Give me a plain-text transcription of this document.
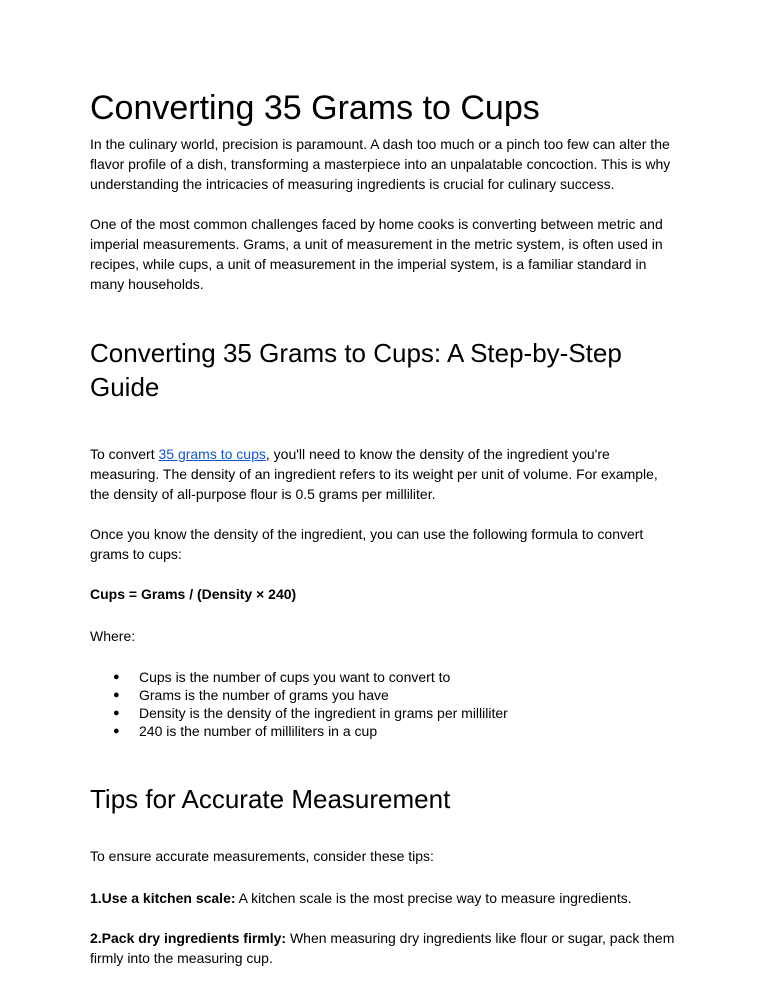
Converting 35 Grams to Cups

In the culinary world, precision is paramount. A dash too much or a pinch too few can alter the flavor profile of a dish, transforming a masterpiece into an unpalatable concoction. This is why understanding the intricacies of measuring ingredients is crucial for culinary success.

One of the most common challenges faced by home cooks is converting between metric and imperial measurements. Grams, a unit of measurement in the metric system, is often used in recipes, while cups, a unit of measurement in the imperial system, is a familiar standard in many households.

Converting 35 Grams to Cups: A Step-by-Step Guide

To convert 35 grams to cups, you'll need to know the density of the ingredient you're measuring. The density of an ingredient refers to its weight per unit of volume. For example, the density of all-purpose flour is 0.5 grams per milliliter.

Once you know the density of the ingredient, you can use the following formula to convert grams to cups:

Cups = Grams / (Density × 240)

Where:

● Cups is the number of cups you want to convert to
● Grams is the number of grams you have
● Density is the density of the ingredient in grams per milliliter
● 240 is the number of milliliters in a cup
Tips for Accurate Measurement

To ensure accurate measurements, consider these tips:

1.Use a kitchen scale: A kitchen scale is the most precise way to measure ingredients.

2.Pack dry ingredients firmly: When measuring dry ingredients like flour or sugar, pack them firmly into the measuring cup.
